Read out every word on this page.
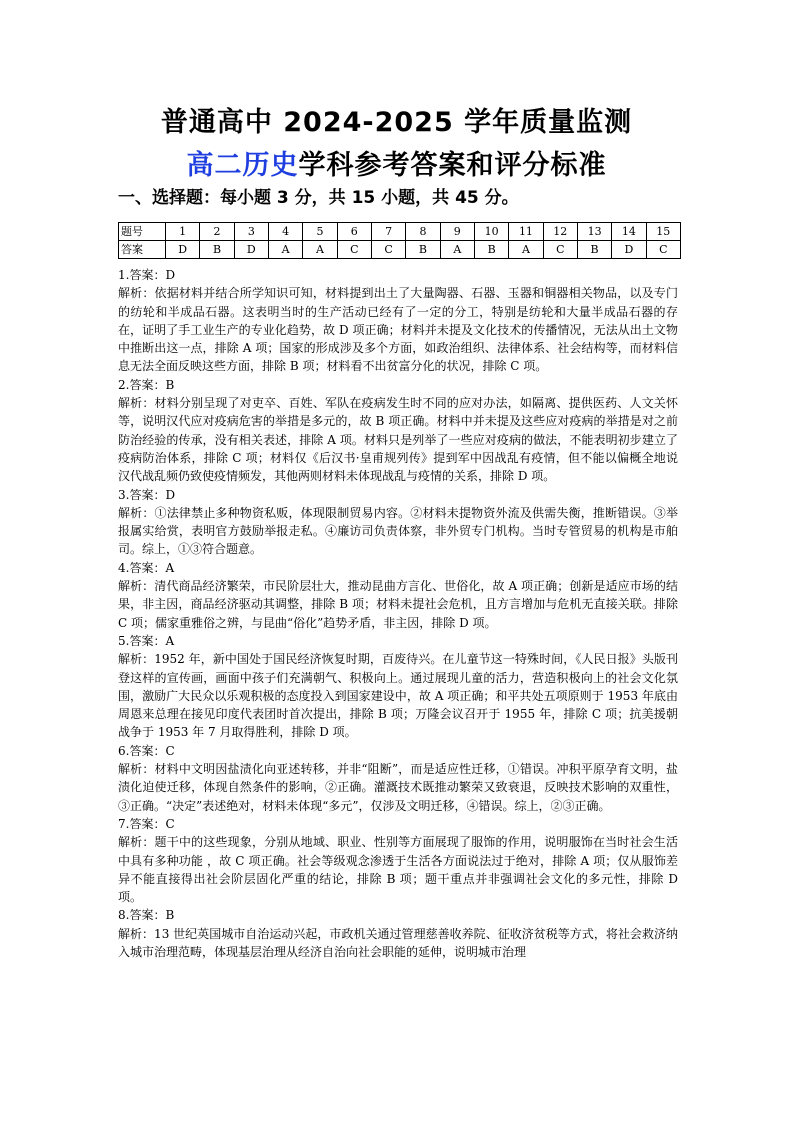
普通高中 2024-2025 学年质量监测
高二历史学科参考答案和评分标准
一、选择题：每小题 3 分，共 15 小题，共 45 分。
题号	1	2	3	4	5	6	7	8	9	10	11	12	13	14	15
答案	D	B	D	A	A	C	C	B	A	B	A	C	B	D	C

1.答案：D

解析：依据材料并结合所学知识可知，材料提到出土了大量陶器、石器、玉器和铜器相关物品，以及专门的纺轮和半成品石器。这表明当时的生产活动已经有了一定的分工，特别是纺轮和大量半成品石器的存在，证明了手工业生产的专业化趋势，故 D 项正确；材料并未提及文化技术的传播情况，无法从出土文物中推断出这一点，排除 A 项；国家的形成涉及多个方面，如政治组织、法律体系、社会结构等，而材料信息无法全面反映这些方面，排除 B 项；材料看不出贫富分化的状况，排除 C 项。

2.答案：B

解析：材料分别呈现了对吏卒、百姓、军队在疫病发生时不同的应对办法，如隔离、提供医药、人文关怀等，说明汉代应对疫病危害的举措是多元的，故 B 项正确。材料中并未提及这些应对疫病的举措是对之前防治经验的传承，没有相关表述，排除 A 项。材料只是列举了一些应对疫病的做法，不能表明初步建立了疫病防治体系，排除 C 项；材料仅《后汉书·皇甫规列传》提到军中因战乱有疫情，但不能以偏概全地说汉代战乱频仍致使疫情频发，其他两则材料未体现战乱与疫情的关系，排除 D 项。

3.答案：D

解析：①法律禁止多种物资私贩，体现限制贸易内容。②材料未提物资外流及供需失衡，推断错误。③举报属实给赏，表明官方鼓励举报走私。④廉访司负责体察，非外贸专门机构。当时专管贸易的机构是市舶司。综上，①③符合题意。

4.答案：A

解析：清代商品经济繁荣，市民阶层壮大，推动昆曲方言化、世俗化，故 A 项正确；创新是适应市场的结果，非主因，商品经济驱动其调整，排除 B 项；材料未提社会危机，且方言增加与危机无直接关联。排除 C 项；儒家重雅俗之辨，与昆曲“俗化”趋势矛盾，非主因，排除 D 项。

5.答案：A

解析：1952 年，新中国处于国民经济恢复时期，百废待兴。在儿童节这一特殊时间，《人民日报》头版刊登这样的宣传画，画面中孩子们充满朝气、积极向上。通过展现儿童的活力，营造积极向上的社会文化氛围，激励广大民众以乐观积极的态度投入到国家建设中，故 A 项正确；和平共处五项原则于 1953 年底由周恩来总理在接见印度代表团时首次提出，排除 B 项；万隆会议召开于 1955 年，排除 C 项；抗美援朝战争于 1953 年 7 月取得胜利，排除 D 项。

6.答案：C

解析：材料中文明因盐渍化向亚述转移，并非“阻断”，而是适应性迁移，①错误。冲积平原孕育文明，盐渍化迫使迁移，体现自然条件的影响，②正确。灌溉技术既推动繁荣又致衰退，反映技术影响的双重性，③正确。“决定”表述绝对，材料未体现“多元”，仅涉及文明迁移，④错误。综上，②③正确。

7.答案：C

解析：题干中的这些现象，分别从地域、职业、性别等方面展现了服饰的作用，说明服饰在当时社会生活中具有多种功能 ，故 C 项正确。社会等级观念渗透于生活各方面说法过于绝对，排除 A 项；仅从服饰差异不能直接得出社会阶层固化严重的结论，排除 B 项；题干重点并非强调社会文化的多元性，排除 D 项。

8.答案：B

解析：13 世纪英国城市自治运动兴起，市政机关通过管理慈善收养院、征收济贫税等方式，将社会救济纳入城市治理范畴，体现基层治理从经济自治向社会职能的延伸，说明城市治理
